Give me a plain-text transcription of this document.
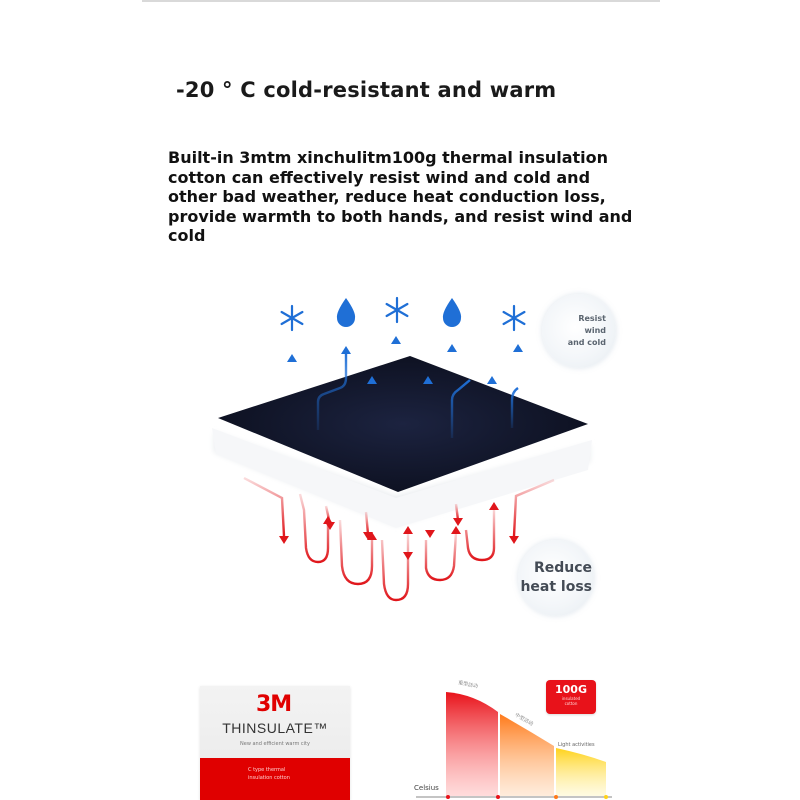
-20 ° C cold-resistant and warm
Built-in 3mtm xinchulitm100g thermal insulation cotton can effectively resist wind and cold and other bad weather, reduce heat conduction loss, provide warmth to both hands, and resist wind and cold
Resist
wind
and cold
Reduce
heat loss
3M
THINSULATE™
New and efficient warm city
C type thermal
insulation cotton
100G
insulated
cotton
重型活动
中型活动
Light activities
Celsius
